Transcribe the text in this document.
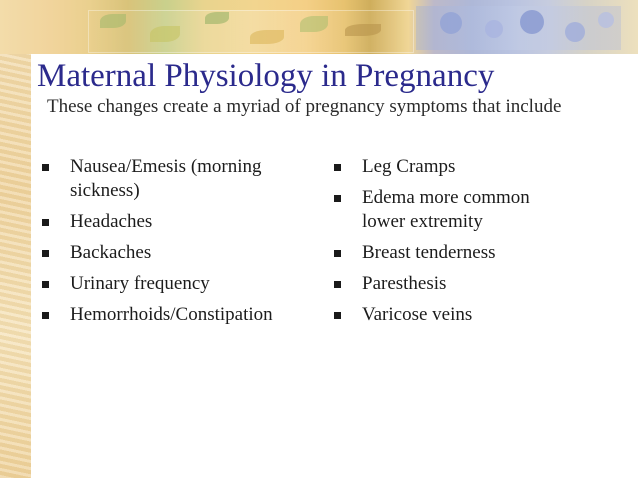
Maternal Physiology in Pregnancy

These changes create a myriad of pregnancy symptoms that include

Nausea/Emesis (morning sickness)
Headaches
Backaches
Urinary frequency
Hemorrhoids/Constipation
Leg Cramps
Edema more common lower extremity
Breast tenderness
Paresthesis
Varicose veins
